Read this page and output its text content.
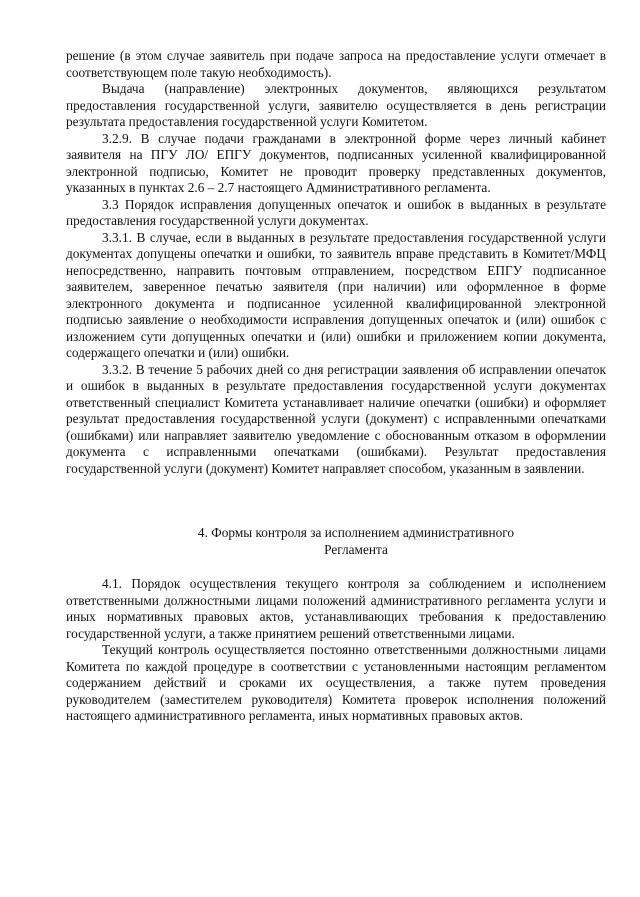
решение (в этом случае заявитель при подаче запроса на предоставление услуги отмечает в соответствующем поле такую необходимость).

Выдача (направление) электронных документов, являющихся результатом предоставления государственной услуги, заявителю осуществляется в день регистрации результата предоставления государственной услуги Комитетом.

3.2.9. В случае подачи гражданами в электронной форме через личный кабинет заявителя на ПГУ ЛО/ ЕПГУ документов, подписанных усиленной квалифицированной электронной подписью, Комитет не проводит проверку представленных документов, указанных в пунктах 2.6 – 2.7 настоящего Административного регламента.

3.3 Порядок исправления допущенных опечаток и ошибок в выданных в результате предоставления государственной услуги документах.

3.3.1. В случае, если в выданных в результате предоставления государственной услуги документах допущены опечатки и ошибки, то заявитель вправе представить в Комитет/МФЦ непосредственно, направить почтовым отправлением, посредством ЕПГУ подписанное заявителем, заверенное печатью заявителя (при наличии) или оформленное в форме электронного документа и подписанное усиленной квалифицированной электронной подписью заявление о необходимости исправления допущенных опечаток и (или) ошибок с изложением сути допущенных опечатки и (или) ошибки и приложением копии документа, содержащего опечатки и (или) ошибки.

3.3.2. В течение 5 рабочих дней со дня регистрации заявления об исправлении опечаток и ошибок в выданных в результате предоставления государственной услуги документах ответственный специалист Комитета устанавливает наличие опечатки (ошибки) и оформляет результат предоставления государственной услуги (документ) с исправленными опечатками (ошибками) или направляет заявителю уведомление с обоснованным отказом в оформлении документа с исправленными опечатками (ошибками). Результат предоставления государственной услуги (документ) Комитет направляет способом, указанным в заявлении.

4. Формы контроля за исполнением административного
Регламента

4.1. Порядок осуществления текущего контроля за соблюдением и исполнением ответственными должностными лицами положений административного регламента услуги и иных нормативных правовых актов, устанавливающих требования к предоставлению государственной услуги, а также принятием решений ответственными лицами.

Текущий контроль осуществляется постоянно ответственными должностными лицами Комитета по каждой процедуре в соответствии с установленными настоящим регламентом содержанием действий и сроками их осуществления, а также путем проведения руководителем (заместителем руководителя) Комитета проверок исполнения положений настоящего административного регламента, иных нормативных правовых актов.
